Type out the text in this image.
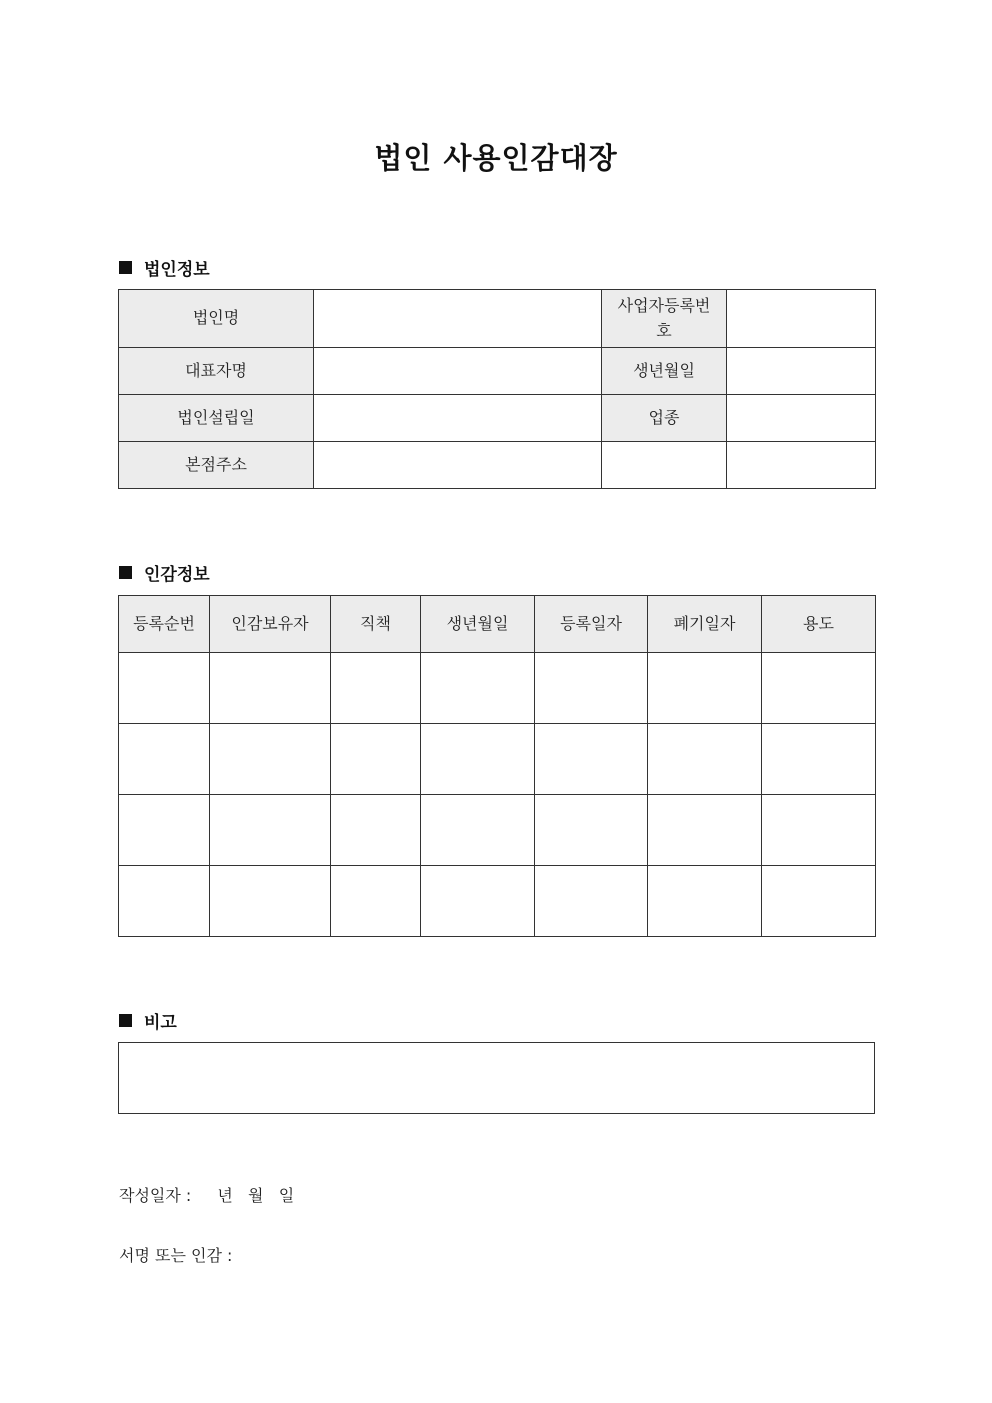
법인 사용인감대장
법인정보
법인명		사업자등록번호	
대표자명		생년월일	
법인설립일		업종	
본점주소			
인감정보
등록순번	인감보유자	직책	생년월일	등록일자	폐기일자	용도

비고
작성일자 : 년   월   일
서명 또는 인감 :
